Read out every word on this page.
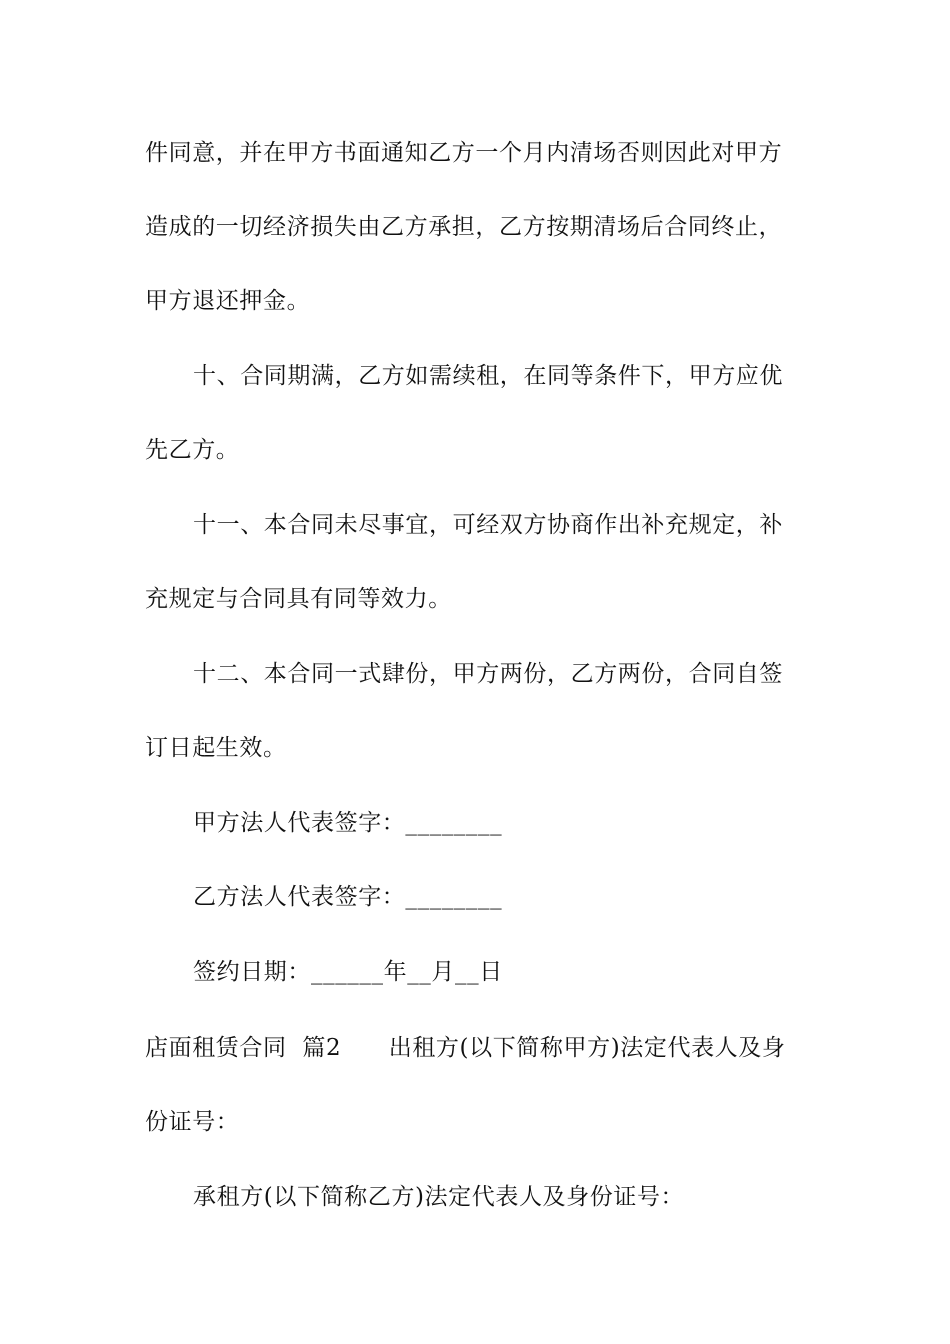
件同意，并在甲方书面通知乙方一个月内清场否则因此对甲方
造成的一切经济损失由乙方承担，乙方按期清场后合同终止，
甲方退还押金。
十、合同期满，乙方如需续租，在同等条件下，甲方应优
先乙方。
十一、本合同未尽事宜，可经双方协商作出补充规定，补
充规定与合同具有同等效力。
十二、本合同一式肆份，甲方两份，乙方两份，合同自签
订日起生效。
甲方法人代表签字：________
乙方法人代表签字：________
签约日期：______年__月__日
店面租赁合同  篇2      出租方(以下简称甲方)法定代表人及身
份证号：
承租方(以下简称乙方)法定代表人及身份证号：
